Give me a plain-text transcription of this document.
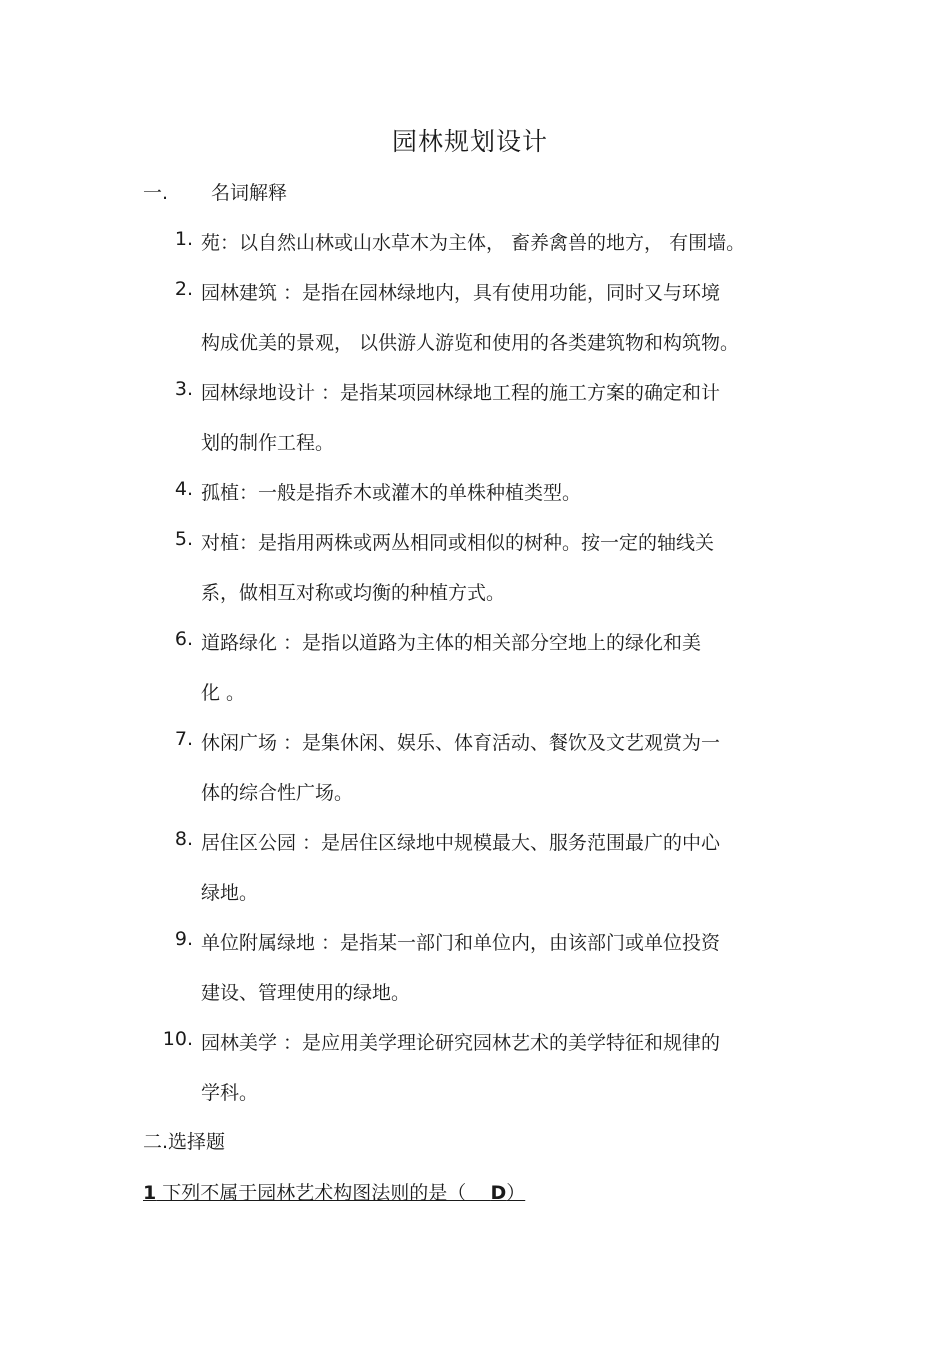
园林规划设计
一. 名词解释
1. 苑：以自然山林或山水草木为主体， 畜养禽兽的地方， 有围墙。
2. 园林建筑 ：是指在园林绿地内，具有使用功能，同时又与环境
构成优美的景观， 以供游人游览和使用的各类建筑物和构筑物。
3. 园林绿地设计 ：是指某项园林绿地工程的施工方案的确定和计
划的制作工程。
4. 孤植：一般是指乔木或灌木的单株种植类型。
5. 对植：是指用两株或两丛相同或相似的树种。按一定的轴线关
系，做相互对称或均衡的种植方式。
6. 道路绿化 ：是指以道路为主体的相关部分空地上的绿化和美
化 。
7. 休闲广场 ：是集休闲、娱乐、体育活动、餐饮及文艺观赏为一
体的综合性广场。
8. 居住区公园 ：是居住区绿地中规模最大、服务范围最广的中心
绿地。
9. 单位附属绿地 ：是指某一部门和单位内，由该部门或单位投资
建设、管理使用的绿地。
10. 园林美学 ：是应用美学理论研究园林艺术的美学特征和规律的
学科。
二.选择题
1 下列不属于园林艺术构图法则的是（    D）
